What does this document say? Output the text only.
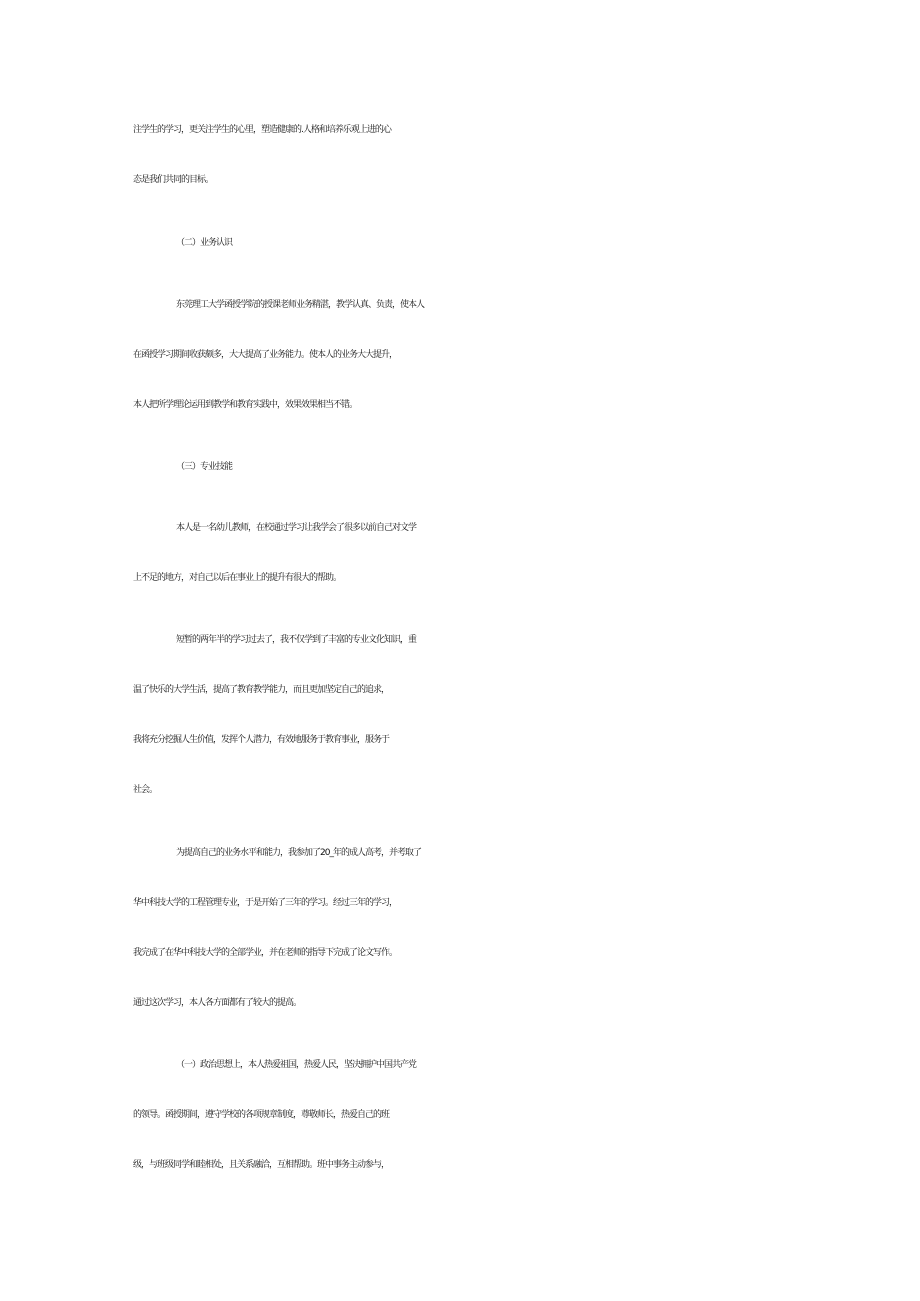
注学生的学习，更关注学生的心里，塑造健康的.人格和培养乐观上进的心
态是我们共同的目标。
（二）业务认识
东莞理工大学函授学院的授课老师业务精湛，教学认真、负责，使本人
在函授学习期间收获颇多，大大提高了业务能力。使本人的业务大大提升，
本人把所学理论运用到教学和教育实践中，效果效果相当不错。
（三）专业技能
本人是一名幼儿教师，在校通过学习让我学会了很多以前自己对文学
上不足的地方，对自己以后在事业上的提升有很大的帮助。
短暂的两年半的学习过去了，我不仅学到了丰富的专业文化知识，重
温了快乐的大学生活，提高了教育教学能力，而且更加坚定自己的追求，
我将充分挖掘人生价值，发挥个人潜力，有效地服务于教育事业，服务于
社会。
为提高自己的业务水平和能力，我参加了20_年的成人高考，并考取了
华中科技大学的工程管理专业，于是开始了三年的学习。经过三年的学习，
我完成了在华中科技大学的全部学业，并在老师的指导下完成了论文写作。
通过这次学习，本人各方面都有了较大的提高。
（一）政治思想上，本人热爱祖国，热爱人民，坚决拥护中国共产党
的领导。函授期间，遵守学校的各项规章制度，尊敬师长，热爱自己的班
级，与班级同学和睦相处，且关系融洽，互相帮助。班中事务主动参与，
